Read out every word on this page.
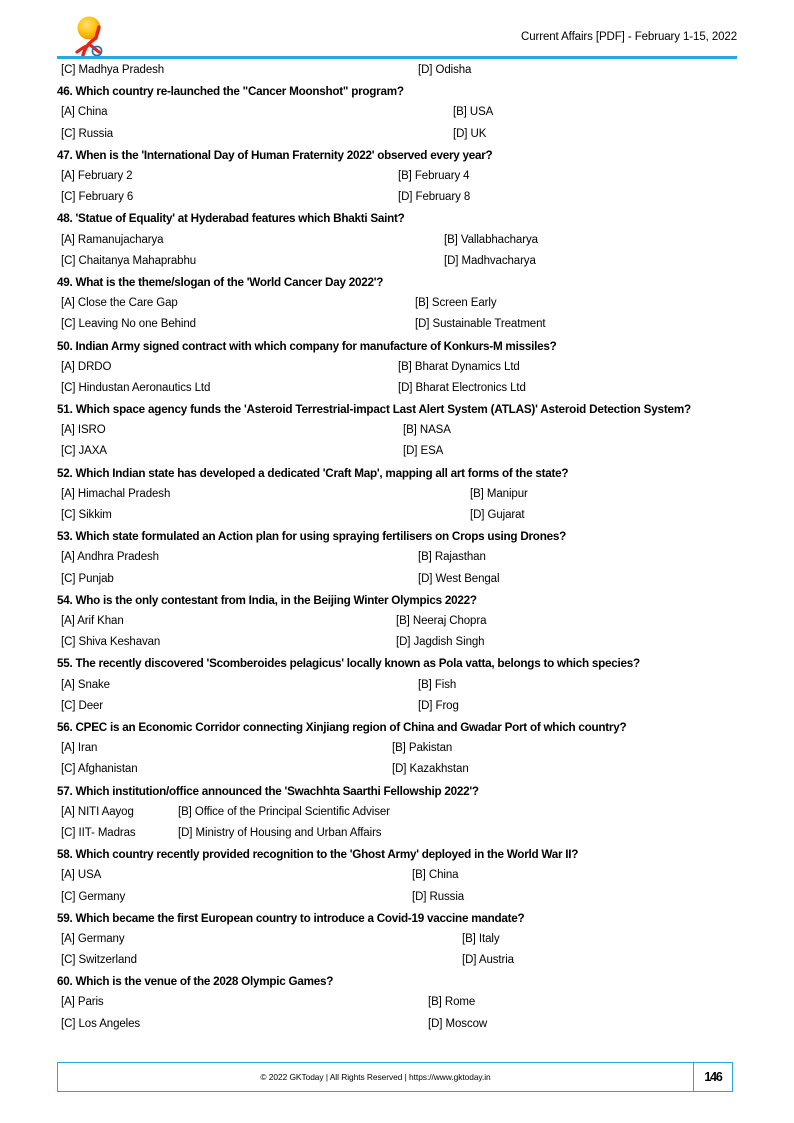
Current Affairs [PDF] - February 1-15, 2022
[C] Madhya Pradesh	[D] Odisha
46. Which country re-launched the "Cancer Moonshot" program?
[A] China	[B] USA
[C] Russia	[D] UK
47. When is the 'International Day of Human Fraternity 2022' observed every year?
[A] February 2	[B] February 4
[C] February 6	[D] February 8
48. 'Statue of Equality' at Hyderabad features which Bhakti Saint?
[A] Ramanujacharya	[B] Vallabhacharya
[C] Chaitanya Mahaprabhu	[D] Madhvacharya
49. What is the theme/slogan of the 'World Cancer Day 2022'?
[A] Close the Care Gap	[B] Screen Early
[C] Leaving No one Behind	[D] Sustainable Treatment
50. Indian Army signed contract with which company for manufacture of Konkurs-M missiles?
[A] DRDO	[B] Bharat Dynamics Ltd
[C] Hindustan Aeronautics Ltd	[D] Bharat Electronics Ltd
51. Which space agency funds the 'Asteroid Terrestrial-impact Last Alert System (ATLAS)' Asteroid Detection System?
[A] ISRO	[B] NASA
[C] JAXA	[D] ESA
52. Which Indian state has developed a dedicated 'Craft Map', mapping all art forms of the state?
[A] Himachal Pradesh	[B] Manipur
[C] Sikkim	[D] Gujarat
53. Which state formulated an Action plan for using spraying fertilisers on Crops using Drones?
[A] Andhra Pradesh	[B] Rajasthan
[C] Punjab	[D] West Bengal
54. Who is the only contestant from India, in the Beijing Winter Olympics 2022?
[A] Arif Khan	[B] Neeraj Chopra
[C] Shiva Keshavan	[D] Jagdish Singh
55. The recently discovered 'Scomberoides pelagicus' locally known as Pola vatta, belongs to which species?
[A] Snake	[B] Fish
[C] Deer	[D] Frog
56. CPEC is an Economic Corridor connecting Xinjiang region of China and Gwadar Port of which country?
[A] Iran	[B] Pakistan
[C] Afghanistan	[D] Kazakhstan
57. Which institution/office announced the 'Swachhta Saarthi Fellowship 2022'?
[A] NITI Aayog	[B] Office of the Principal Scientific Adviser
[C] IIT- Madras	[D] Ministry of Housing and Urban Affairs
58. Which country recently provided recognition to the 'Ghost Army' deployed in the World War II?
[A] USA	[B] China
[C] Germany	[D] Russia
59. Which became the first European country to introduce a Covid-19 vaccine mandate?
[A] Germany	[B] Italy
[C] Switzerland	[D] Austria
60. Which is the venue of the 2028 Olympic Games?
[A] Paris	[B] Rome
[C] Los Angeles	[D] Moscow
© 2022 GKToday | All Rights Reserved | https://www.gktoday.in	146
